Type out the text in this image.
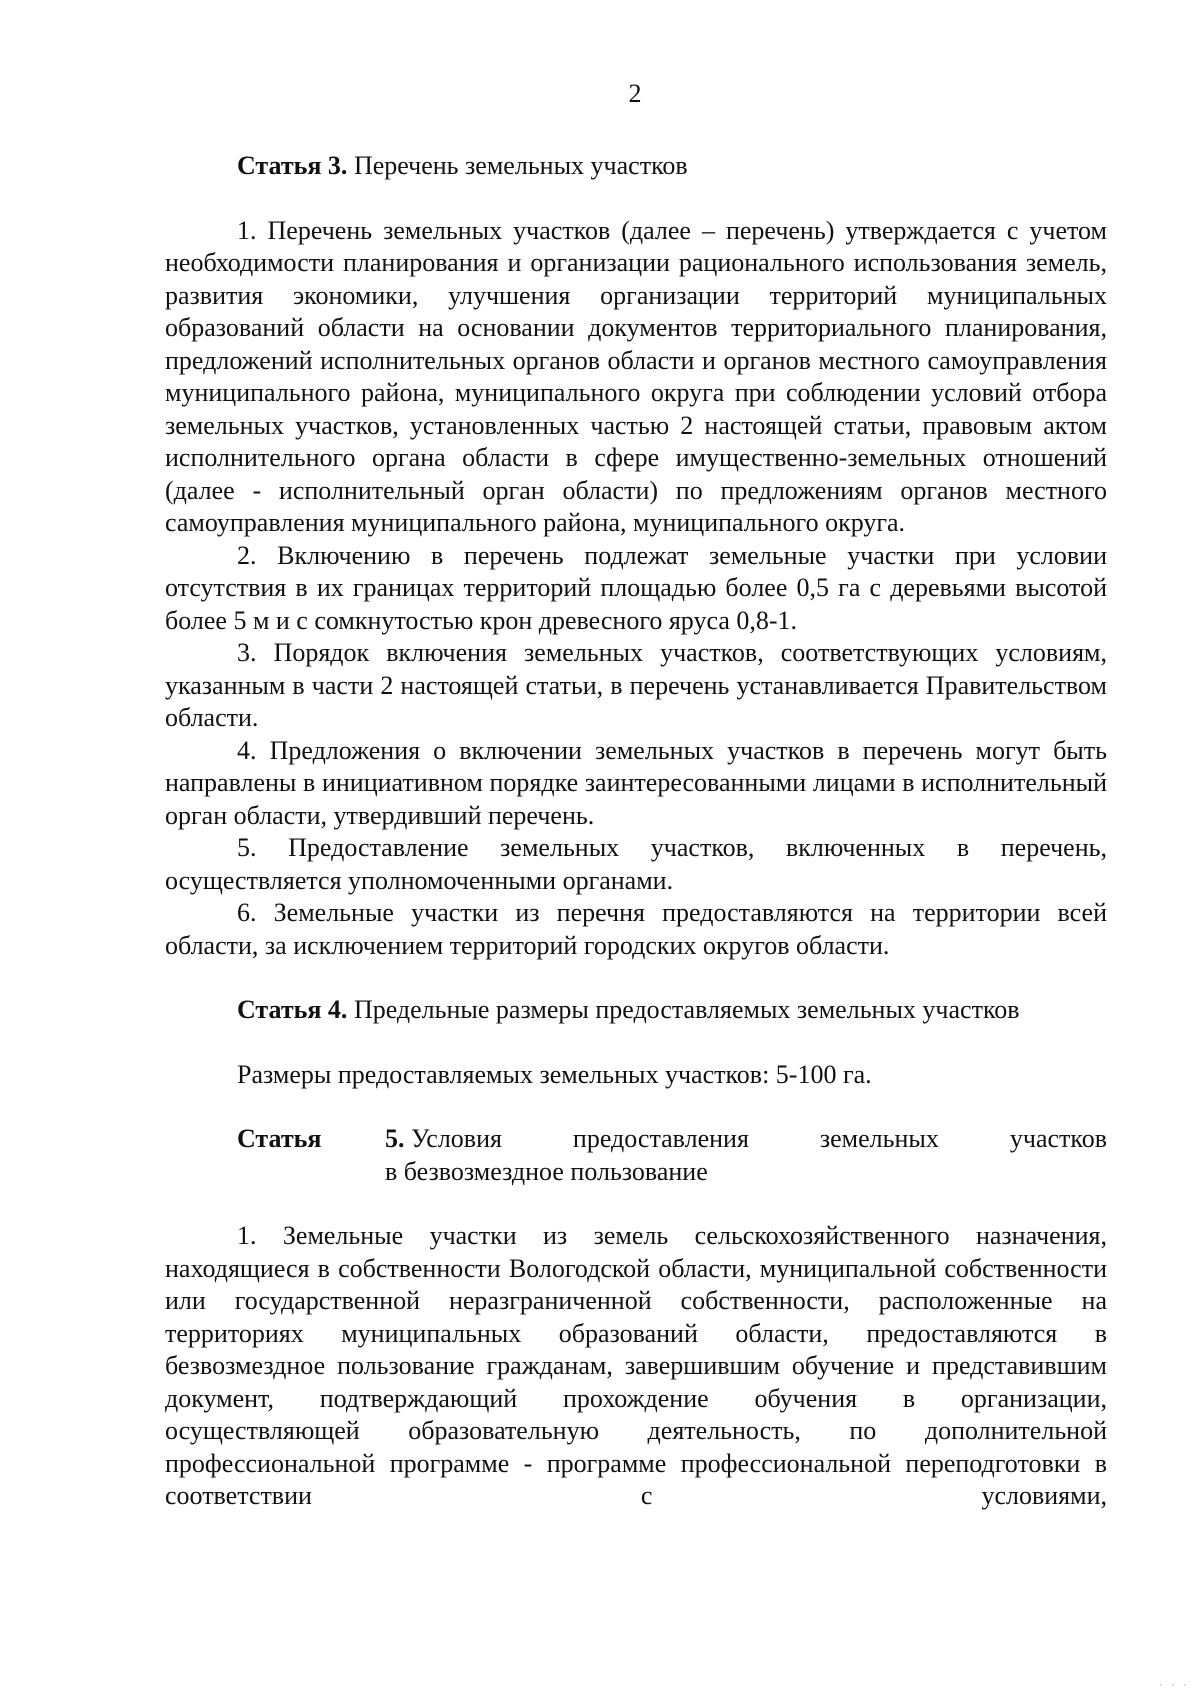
2

Статья 3. Перечень земельных участков

1. Перечень земельных участков (далее – перечень) утверждается с учетом необходимости планирования и организации рационального использования земель, развития экономики, улучшения организации территорий муниципальных образований области на основании документов территориального планирования, предложений исполнительных органов области и органов местного самоуправления муниципального района, муниципального округа при соблюдении условий отбора земельных участков, установленных частью 2 настоящей статьи, правовым актом исполнительного органа области в сфере имущественно-земельных отношений (далее - исполнительный орган области) по предложениям органов местного самоуправления муниципального района, муниципального округа.

2. Включению в перечень подлежат земельные участки при условии отсутствия в их границах территорий площадью более 0,5 га с деревьями высотой более 5 м и с сомкнутостью крон древесного яруса 0,8-1.

3. Порядок включения земельных участков, соответствующих условиям, указанным в части 2 настоящей статьи, в перечень устанавливается Правительством области.

4. Предложения о включении земельных участков в перечень могут быть направлены в инициативном порядке заинтересованными лицами в исполнительный орган области, утвердивший перечень.

5. Предоставление земельных участков, включенных в перечень, осуществляется уполномоченными органами.

6. Земельные участки из перечня предоставляются на территории всей области, за исключением территорий городских округов области.

Статья 4. Предельные размеры предоставляемых земельных участков

Размеры предоставляемых земельных участков: 5-100 га.

Статья	5. Условия	предоставления	земельных	участков
в безвозмездное пользование

1. Земельные участки из земель сельскохозяйственного назначения, находящиеся в собственности Вологодской области, муниципальной собственности или государственной неразграниченной собственности, расположенные на территориях муниципальных образований области, предоставляются в безвозмездное пользование гражданам, завершившим обучение и представившим документ, подтверждающий прохождение обучения в организации, осуществляющей образовательную деятельность, по дополнительной профессиональной программе - программе профессиональной переподготовки в соответствии с условиями,

· · ·
